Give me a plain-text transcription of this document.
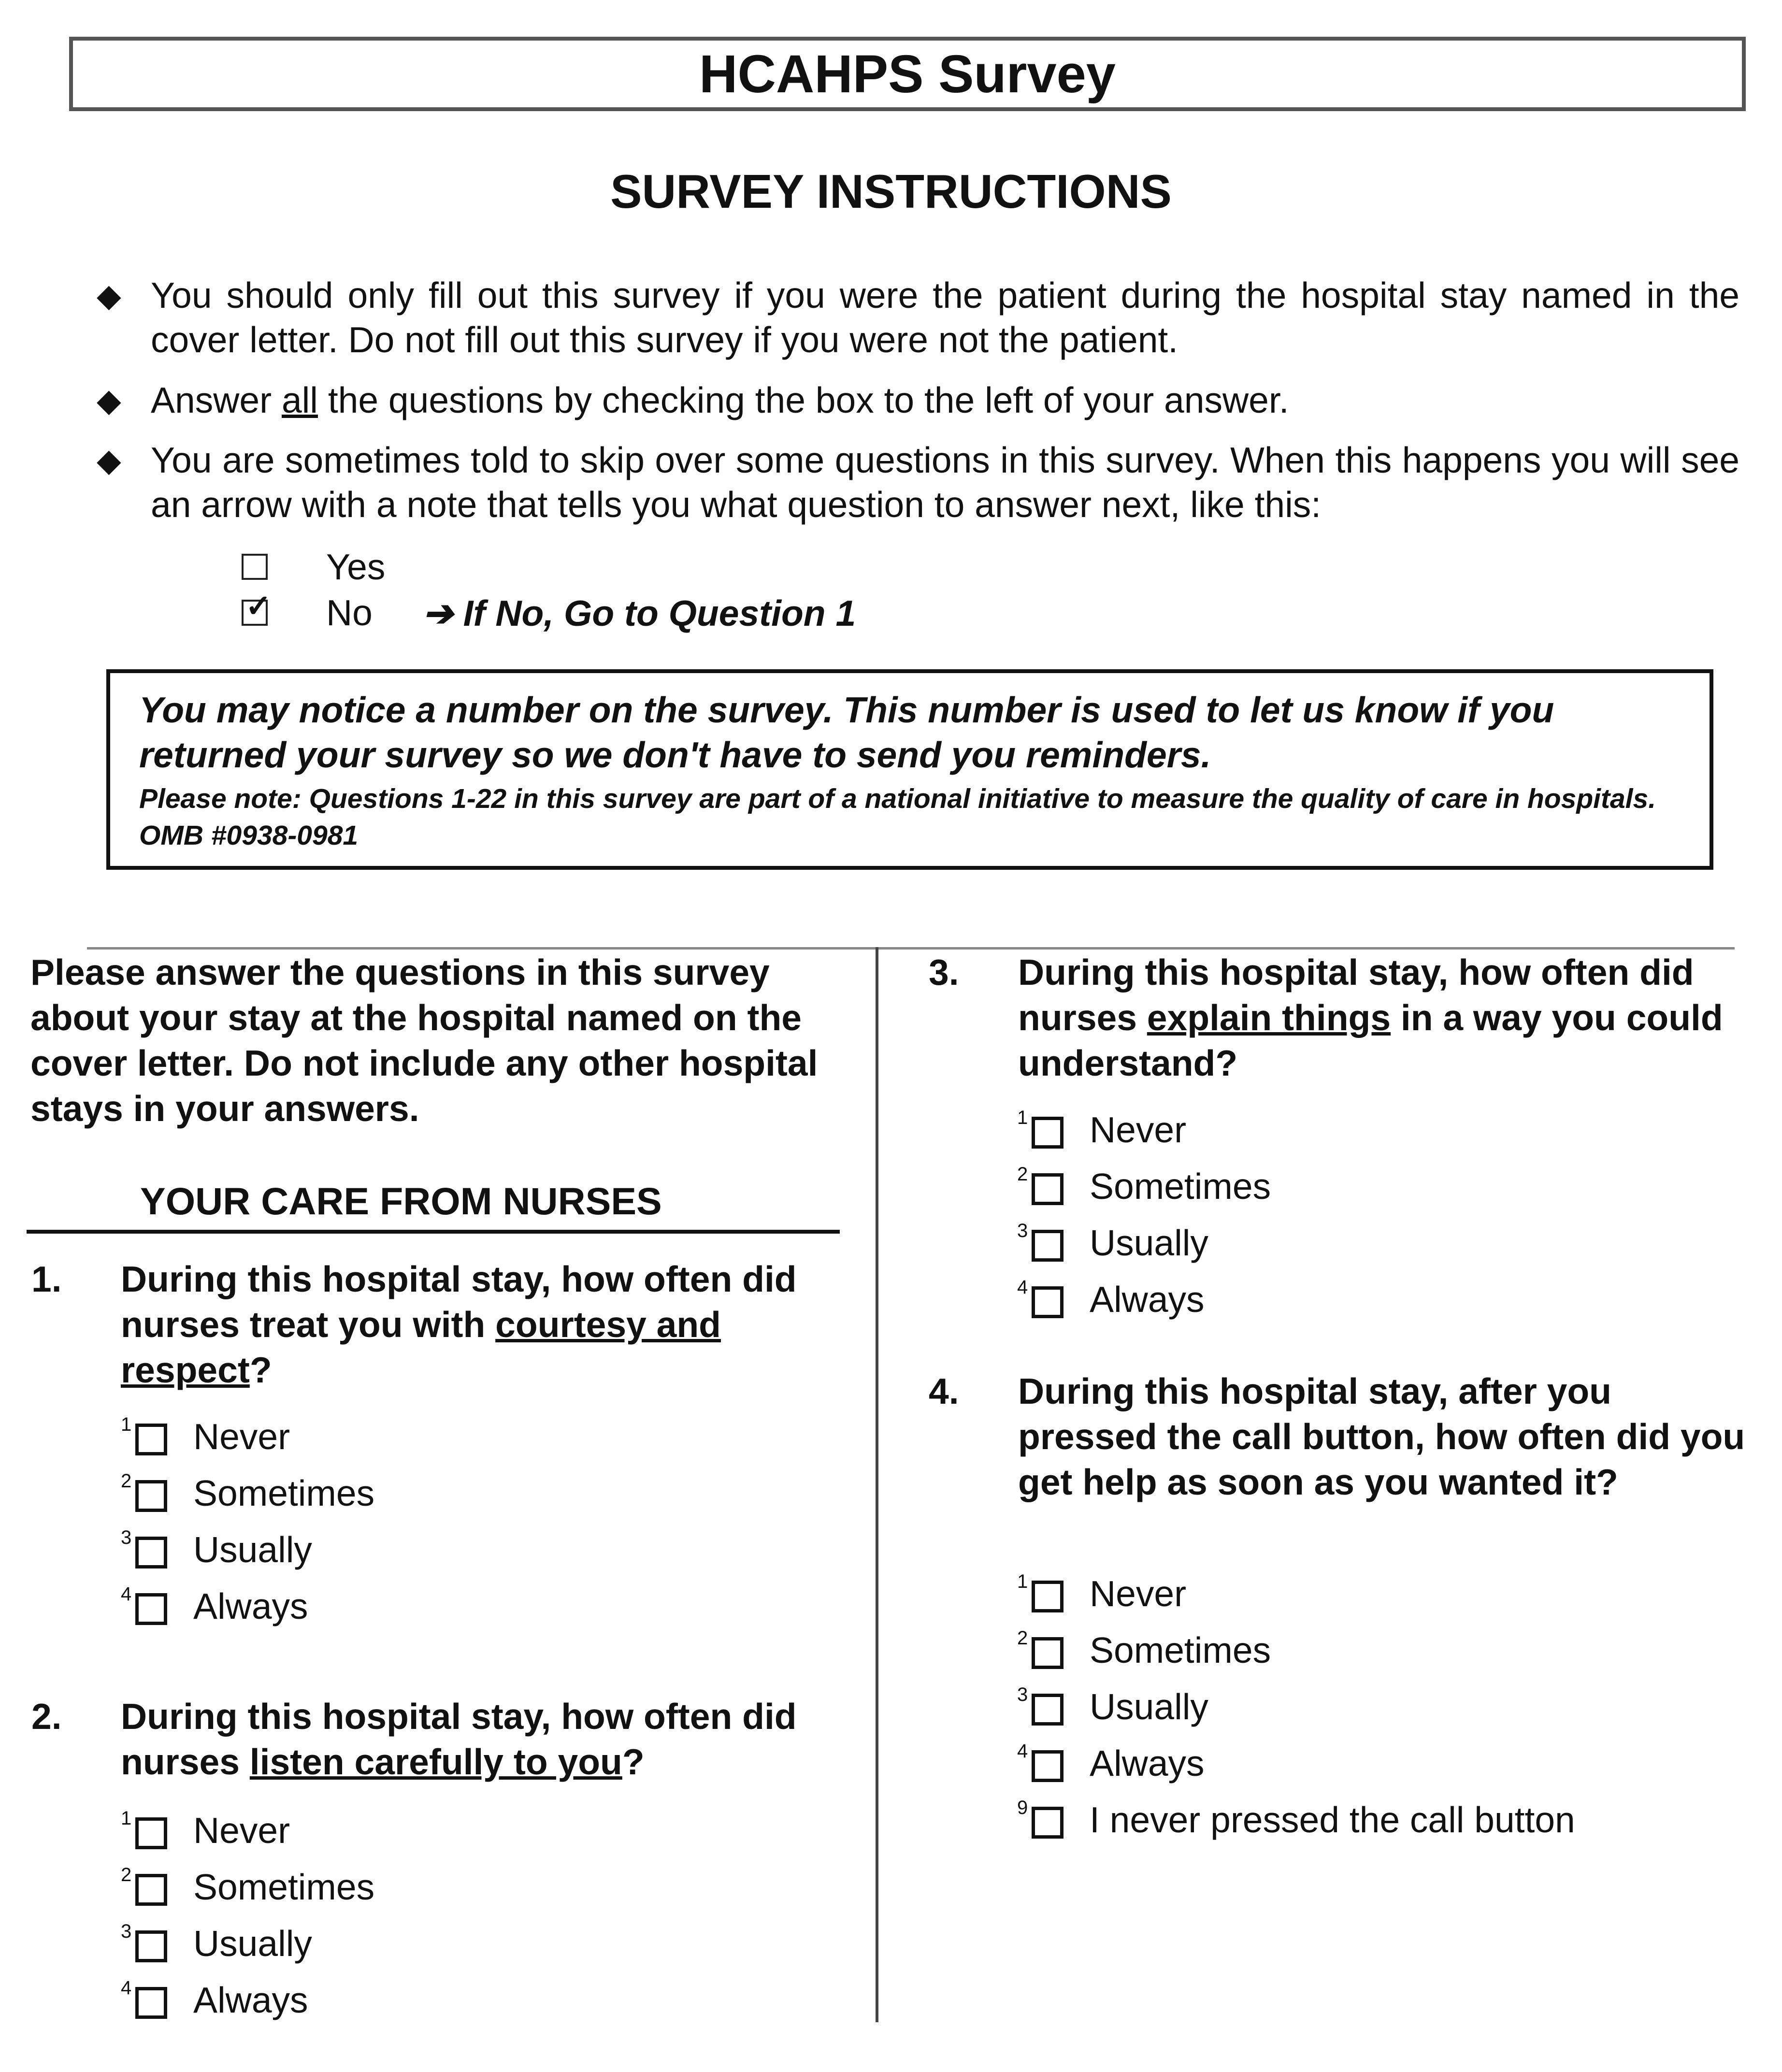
HCAHPS Survey
SURVEY INSTRUCTIONS
◆ You should only fill out this survey if you were the patient during the hospital stay named in the cover letter. Do not fill out this survey if you were not the patient.
◆ Answer all the questions by checking the box to the left of your answer.
◆ You are sometimes told to skip over some questions in this survey. When this happens you will see an arrow with a note that tells you what question to answer next, like this:
Yes
✓
No ➔ If No, Go to Question 1
You may notice a number on the survey. This number is used to let us know if you returned your survey so we don't have to send you reminders.
Please note: Questions 1-22 in this survey are part of a national initiative to measure the quality of care in hospitals. OMB #0938-0981
Please answer the questions in this survey about your stay at the hospital named on the cover letter. Do not include any other hospital stays in your answers.
YOUR CARE FROM NURSES
1. During this hospital stay, how often did nurses treat you with courtesy and respect?
1 Never
2 Sometimes
3 Usually
4 Always
2. During this hospital stay, how often did nurses listen carefully to you?
1 Never
2 Sometimes
3 Usually
4 Always
3. During this hospital stay, how often did nurses explain things in a way you could understand?
1 Never
2 Sometimes
3 Usually
4 Always
4. During this hospital stay, after you pressed the call button, how often did you get help as soon as you wanted it?
1 Never
2 Sometimes
3 Usually
4 Always
9 I never pressed the call button
